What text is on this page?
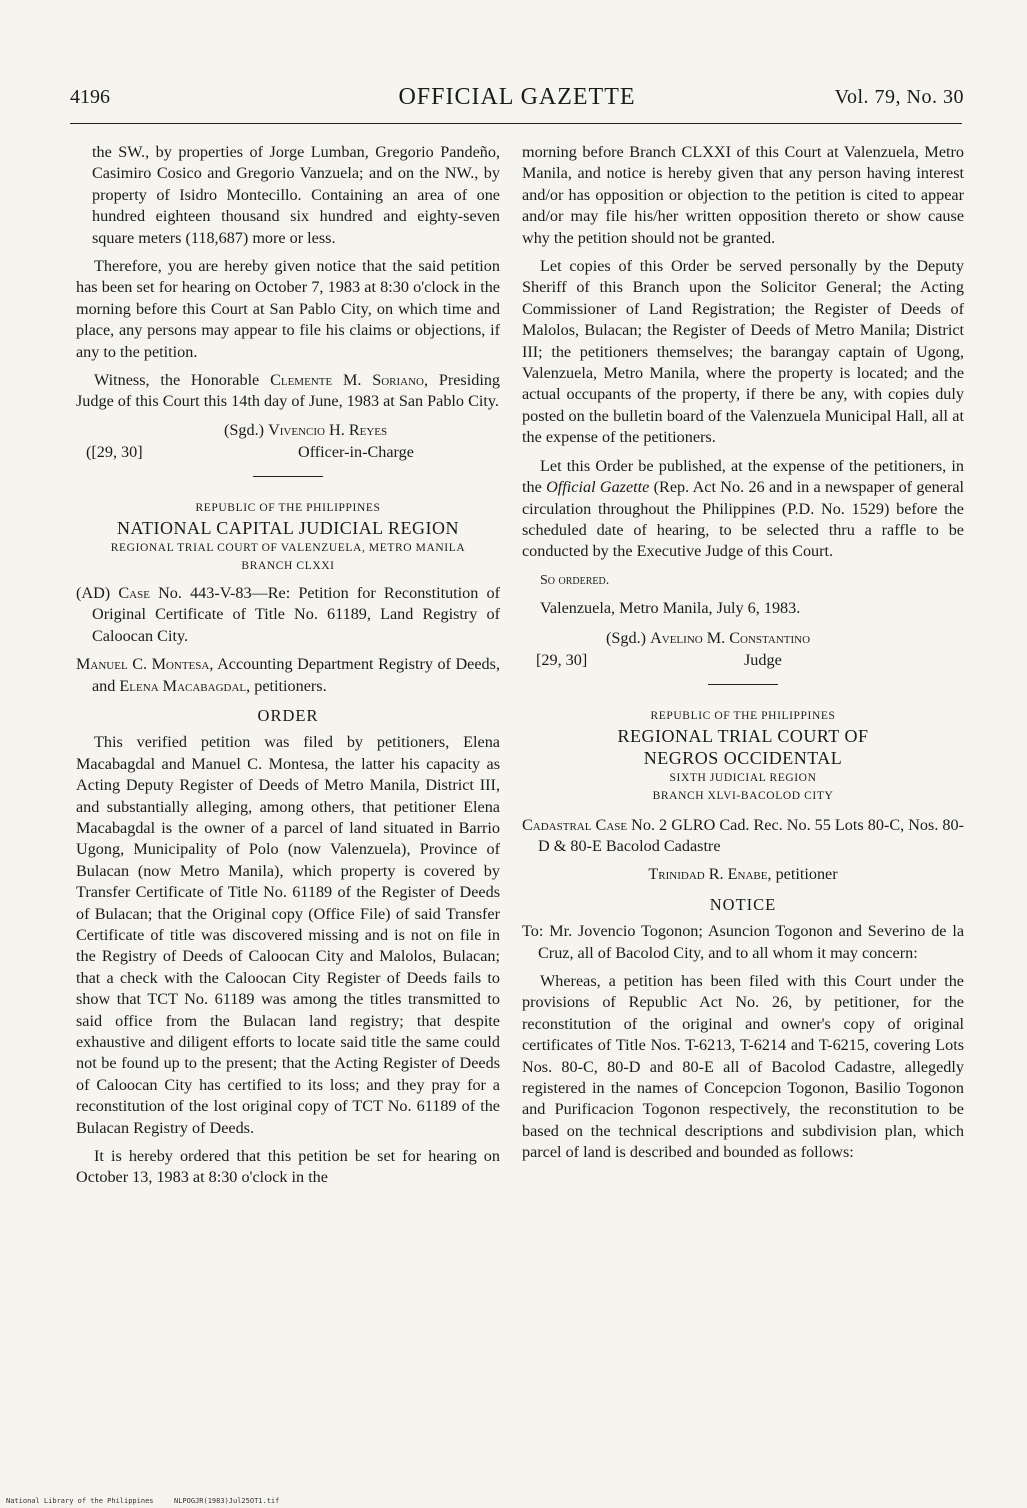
4196	OFFICIAL GAZETTE	Vol. 79, No. 30

the SW., by properties of Jorge Lumban, Gregorio Pandeño, Casimiro Cosico and Gregorio Vanzuela; and on the NW., by property of Isidro Montecillo. Containing an area of one hundred eighteen thousand six hundred and eighty-seven square meters (118,687) more or less.

Therefore, you are hereby given notice that the said petition has been set for hearing on October 7, 1983 at 8:30 o'clock in the morning before this Court at San Pablo City, on which time and place, any persons may appear to file his claims or objections, if any to the petition.

Witness, the Honorable Clemente M. Soriano, Presiding Judge of this Court this 14th day of June, 1983 at San Pablo City.

(Sgd.) Vivencio H. Reyes
([29, 30]	Officer-in-Charge
REPUBLIC OF THE PHILIPPINES
NATIONAL CAPITAL JUDICIAL REGION
REGIONAL TRIAL COURT OF VALENZUELA, METRO MANILA
BRANCH CLXXI

(AD) Case No. 443-V-83—Re: Petition for Reconstitution of Original Certificate of Title No. 61189, Land Registry of Caloocan City.

Manuel C. Montesa, Accounting Department Registry of Deeds, and Elena Macabagdal, petitioners.

ORDER

This verified petition was filed by petitioners, Elena Macabagdal and Manuel C. Montesa, the latter his capacity as Acting Deputy Register of Deeds of Metro Manila, District III, and substantially alleging, among others, that petitioner Elena Macabagdal is the owner of a parcel of land situated in Barrio Ugong, Municipality of Polo (now Valenzuela), Province of Bulacan (now Metro Manila), which property is covered by Transfer Certificate of Title No. 61189 of the Register of Deeds of Bulacan; that the Original copy (Office File) of said Transfer Certificate of title was discovered missing and is not on file in the Registry of Deeds of Caloocan City and Malolos, Bulacan; that a check with the Caloocan City Register of Deeds fails to show that TCT No. 61189 was among the titles transmitted to said office from the Bulacan land registry; that despite exhaustive and diligent efforts to locate said title the same could not be found up to the present; that the Acting Register of Deeds of Caloocan City has certified to its loss; and they pray for a reconstitution of the lost original copy of TCT No. 61189 of the Bulacan Registry of Deeds.

It is hereby ordered that this petition be set for hearing on October 13, 1983 at 8:30 o'clock in the

morning before Branch CLXXI of this Court at Valenzuela, Metro Manila, and notice is hereby given that any person having interest and/or has opposition or objection to the petition is cited to appear and/or may file his/her written opposition thereto or show cause why the petition should not be granted.

Let copies of this Order be served personally by the Deputy Sheriff of this Branch upon the Solicitor General; the Acting Commissioner of Land Registration; the Register of Deeds of Malolos, Bulacan; the Register of Deeds of Metro Manila; District III; the petitioners themselves; the barangay captain of Ugong, Valenzuela, Metro Manila, where the property is located; and the actual occupants of the property, if there be any, with copies duly posted on the bulletin board of the Valenzuela Municipal Hall, all at the expense of the petitioners.

Let this Order be published, at the expense of the petitioners, in the Official Gazette (Rep. Act No. 26 and in a newspaper of general circulation throughout the Philippines (P.D. No. 1529) before the scheduled date of hearing, to be selected thru a raffle to be conducted by the Executive Judge of this Court.

So ordered.

Valenzuela, Metro Manila, July 6, 1983.

(Sgd.) Avelino M. Constantino
[29, 30]	Judge
REPUBLIC OF THE PHILIPPINES
REGIONAL TRIAL COURT OF
NEGROS OCCIDENTAL
SIXTH JUDICIAL REGION
BRANCH XLVI-BACOLOD CITY

Cadastral Case No. 2 GLRO Cad. Rec. No. 55 Lots 80-C, Nos. 80-D & 80-E Bacolod Cadastre

Trinidad R. Enabe, petitioner

NOTICE

To: Mr. Jovencio Togonon; Asuncion Togonon and Severino de la Cruz, all of Bacolod City, and to all whom it may concern:

Whereas, a petition has been filed with this Court under the provisions of Republic Act No. 26, by petitioner, for the reconstitution of the original and owner's copy of original certificates of Title Nos. T-6213, T-6214 and T-6215, covering Lots Nos. 80-C, 80-D and 80-E all of Bacolod Cadastre, allegedly registered in the names of Concepcion Togonon, Basilio Togonon and Purificacion Togonon respectively, the reconstitution to be based on the technical descriptions and subdivision plan, which parcel of land is described and bounded as follows:

National Library of the Philippines	NLPOGJR(1983)Jul25OT1.tif
